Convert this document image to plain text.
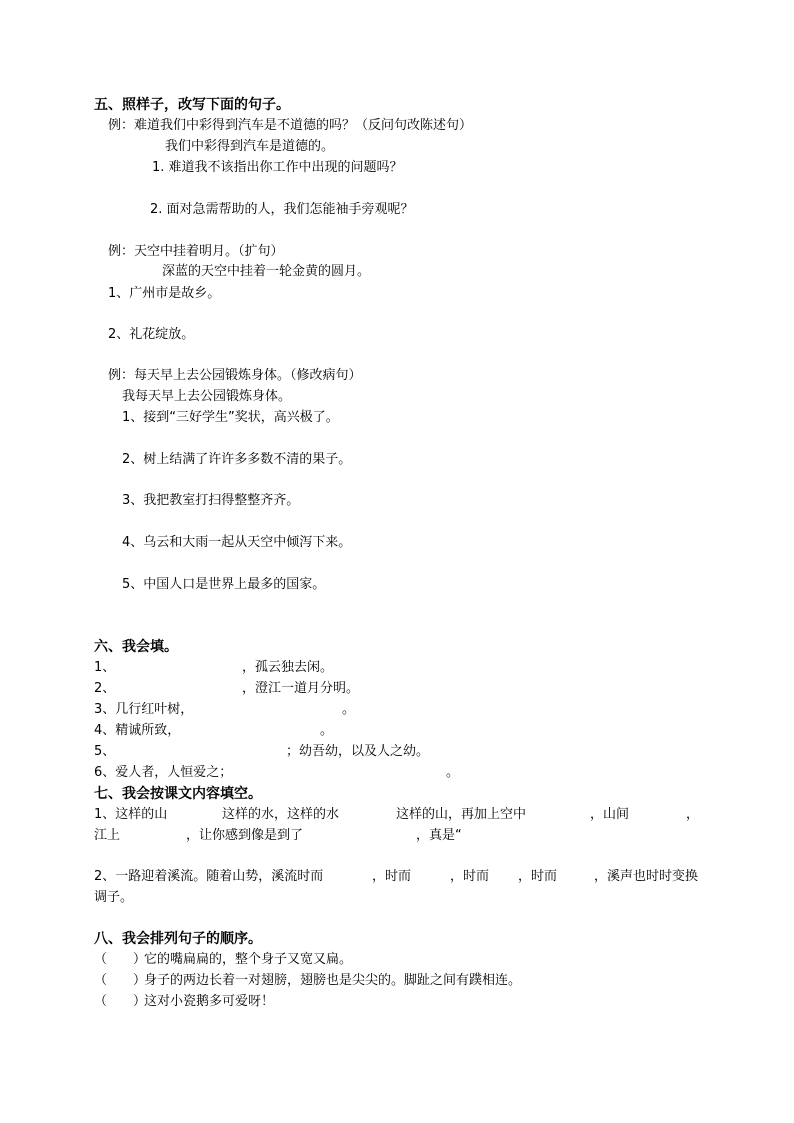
五、照样子，改写下面的句子。
例：难道我们中彩得到汽车是不道德的吗？（反问句改陈述句）
我们中彩得到汽车是道德的。
1. 难道我不该指出你工作中出现的问题吗？
2. 面对急需帮助的人，我们怎能袖手旁观呢？
例：天空中挂着明月。（扩句）
深蓝的天空中挂着一轮金黄的圆月。
1、广州市是故乡。
2、礼花绽放。
例：每天早上去公园锻炼身体。（修改病句）
我每天早上去公园锻炼身体。
1、接到“三好学生”奖状，高兴极了。
2、树上结满了许许多多数不清的果子。
3、我把教室打扫得整整齐齐。
4、乌云和大雨一起从天空中倾泻下来。
5、中国人口是世界上最多的国家。
六、我会填。
1、	，孤云独去闲。
2、	，澄江一道月分明。
3、几行红叶树，	。
4、精诚所致，	。
5、	；幼吾幼，以及人之幼。
6、爱人者，人恒爱之；	。
七、我会按课文内容填空。
1、这样的山	这样的水，这样的水	这样的山，再加上空中	，山间	，
江上	，让你感到像是到了	，真是“
2、一路迎着溪流。随着山势，溪流时而	，时而	，时而 ，时而	，溪声也时时变换
调子。
八、我会排列句子的顺序。
（　　）
它的嘴扁扁的，整个身子又宽又扁。
（　　）
身子的两边长着一对翅膀，翅膀也是尖尖的。脚趾之间有蹼相连。
（　　）
这对小瓷鹅多可爱呀！
